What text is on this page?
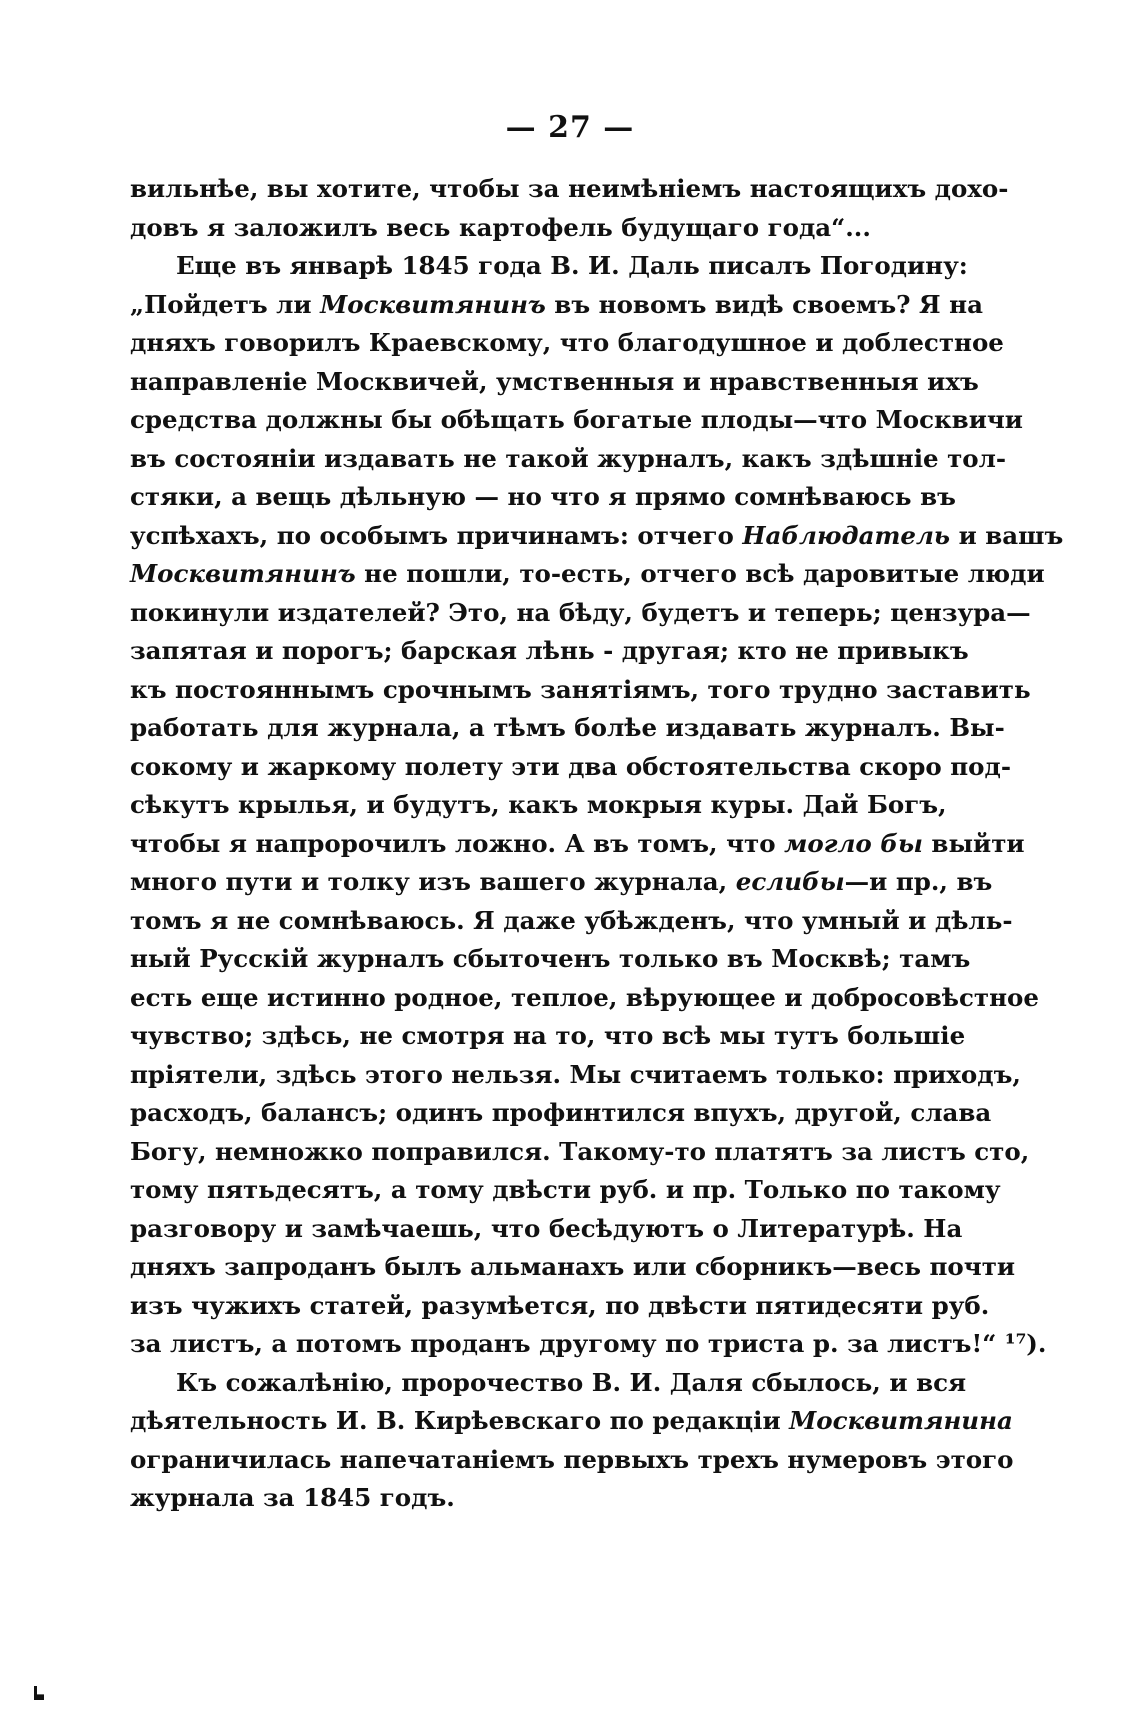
— 27 —
вильнѣе, вы хотите, чтобы за неимѣніемъ настоящихъ дохо-
довъ я заложилъ весь картофель будущаго года“...
Еще въ январѣ 1845 года В. И. Даль писалъ Погодину:
„Пойдетъ ли Москвитянинъ въ новомъ видѣ своемъ? Я на
дняхъ говорилъ Краевскому, что благодушное и доблестное
направленіе Москвичей, умственныя и нравственныя ихъ
средства должны бы обѣщать богатые плоды—что Москвичи
въ состояніи издавать не такой журналъ, какъ здѣшніе тол-
стяки, а вещь дѣльную — но что я прямо сомнѣваюсь въ
успѣхахъ, по особымъ причинамъ: отчего Наблюдатель и вашъ
Москвитянинъ не пошли, то-есть, отчего всѣ даровитые люди
покинули издателей? Это, на бѣду, будетъ и теперь; цензура—
запятая и порогъ; барская лѣнь - другая; кто не привыкъ
къ постояннымъ срочнымъ занятіямъ, того трудно заставить
работать для журнала, а тѣмъ болѣе издавать журналъ. Вы-
сокому и жаркому полету эти два обстоятельства скоро под-
сѣкутъ крылья, и будутъ, какъ мокрыя куры. Дай Богъ,
чтобы я напророчилъ ложно. А въ томъ, что могло бы выйти
много пути и толку изъ вашего журнала, еслибы—и пр., въ
томъ я не сомнѣваюсь. Я даже убѣжденъ, что умный и дѣль-
ный Русскій журналъ сбыточенъ только въ Москвѣ; тамъ
есть еще истинно родное, теплое, вѣрующее и добросовѣстное
чувство; здѣсь, не смотря на то, что всѣ мы тутъ большіе
пріятели, здѣсь этого нельзя. Мы считаемъ только: приходъ,
расходъ, балансъ; одинъ профинтился впухъ, другой, слава
Богу, немножко поправился. Такому-то платятъ за листъ сто,
тому пятьдесятъ, а тому двѣсти руб. и пр. Только по такому
разговору и замѣчаешь, что бесѣдуютъ о Литературѣ. На
дняхъ запроданъ былъ альманахъ или сборникъ—весь почти
изъ чужихъ статей, разумѣется, по двѣсти пятидесяти руб.
за листъ, а потомъ проданъ другому по триста р. за листъ!“ ¹⁷).
Къ сожалѣнію, пророчество В. И. Даля сбылось, и вся
дѣятельность И. В. Кирѣевскаго по редакціи Москвитянина
ограничилась напечатаніемъ первыхъ трехъ нумеровъ этого
журнала за 1845 годъ.
